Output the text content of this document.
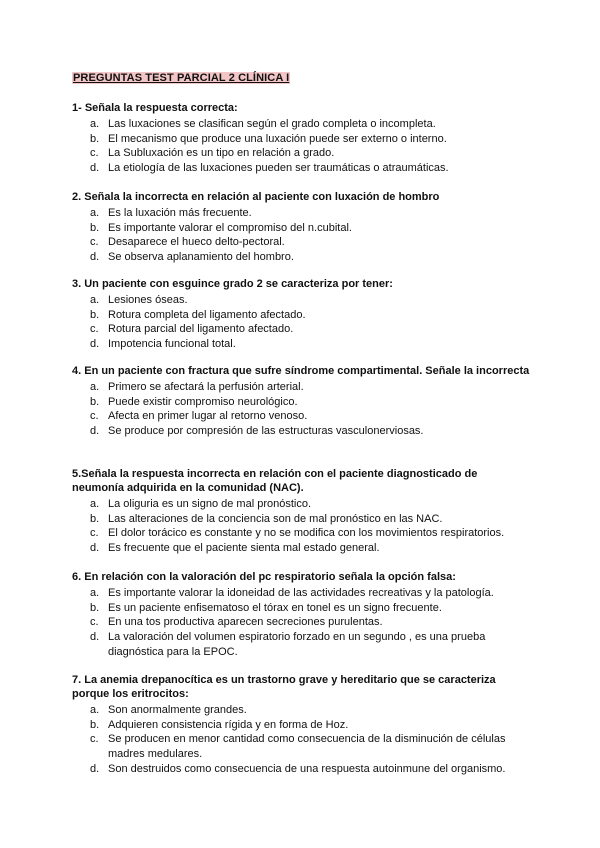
PREGUNTAS TEST PARCIAL 2 CLÍNICA I

1- Señala la respuesta correcta:

a. Las luxaciones se clasifican según el grado completa o incompleta.
b. El mecanismo que produce una luxación puede ser externo o interno.
c. La Subluxación es un tipo en relación a grado.
d. La etiología de las luxaciones pueden ser traumáticas o atraumáticas.

2. Señala la incorrecta en relación al paciente con luxación de hombro

a. Es la luxación más frecuente.
b. Es importante valorar el compromiso del n.cubital.
c. Desaparece el hueco delto-pectoral.
d. Se observa aplanamiento del hombro.

3. Un paciente con esguince grado 2 se caracteriza por tener:

a. Lesiones óseas.
b. Rotura completa del ligamento afectado.
c. Rotura parcial del ligamento afectado.
d. Impotencia funcional total.

4. En un paciente con fractura que sufre síndrome compartimental. Señale la incorrecta

a. Primero se afectará la perfusión arterial.
b. Puede existir compromiso neurológico.
c. Afecta en primer lugar al retorno venoso.
d. Se produce por compresión de las estructuras vasculonerviosas.

5.Señala la respuesta incorrecta en relación con el paciente diagnosticado de neumonía adquirida en la comunidad (NAC).

a. La oliguria es un signo de mal pronóstico.
b. Las alteraciones de la conciencia son de mal pronóstico en las NAC.
c. El dolor torácico es constante y no se modifica con los movimientos respiratorios.
d. Es frecuente que el paciente sienta mal estado general.

6. En relación con la valoración del pc respiratorio señala la opción falsa:

a. Es importante valorar la idoneidad de las actividades recreativas y la patología.
b. Es un paciente enfisematoso el tórax en tonel es un signo frecuente.
c. En una tos productiva aparecen secreciones purulentas.
d. La valoración del volumen espiratorio forzado en un segundo , es una prueba diagnóstica para la EPOC.

7. La anemia drepanocítica es un trastorno grave y hereditario que se caracteriza porque los eritrocitos:

a. Son anormalmente grandes.
b. Adquieren consistencia rígida y en forma de Hoz.
c. Se producen en menor cantidad como consecuencia de la disminución de células madres medulares.
d. Son destruidos como consecuencia de una respuesta autoinmune del organismo.
